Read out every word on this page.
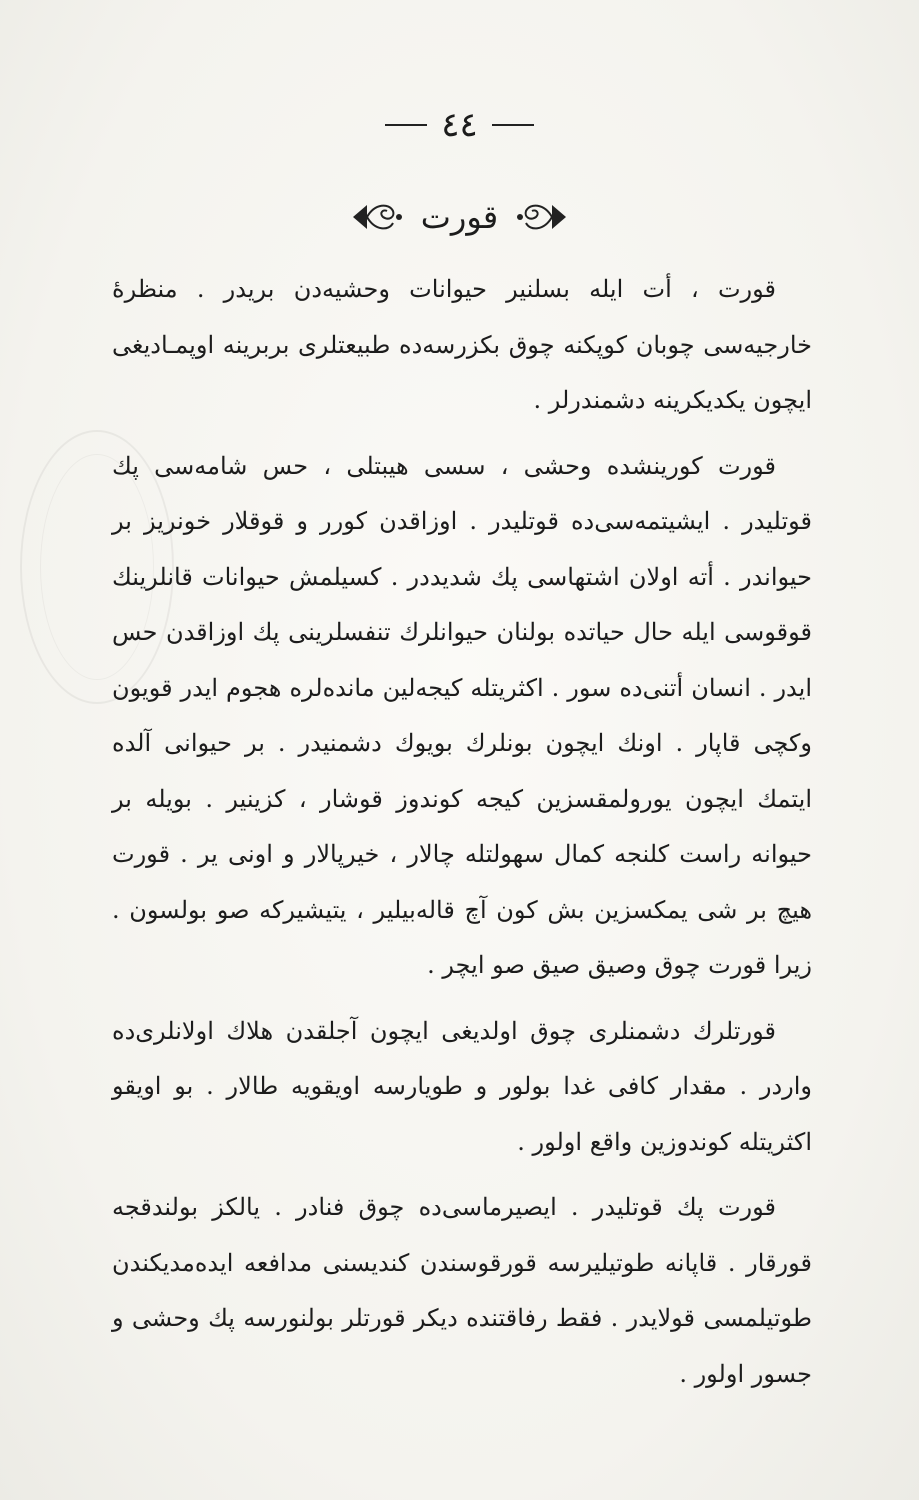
٤٤
قورت

قورت ، أت ايله بسلنير حيوانات وحشيه‌دن بريدر . منظرهٔ خارجيه‌سى چوبان كوپكنه چوق بكزرسه‌ده طبيعتلرى بربرينه اوپمـاديغى ايچون يكديكرينه دشمندرلر .

قورت كورينشده وحشى ، سسى هيبتلى ، حس شامه‌سى پك قوتليدر . ايشيتمه‌سى‌ده قوتليدر . اوزاقدن كورر و قوقلار خونريز بر حيواندر . أته اولان اشتهاسى پك شديددر . كسيلمش حيوانات قانلرينك قوقوسى ايله حال حياتده بولنان حيوانلرك تنفسلرينى پك اوزاقدن حس ايدر . انسان أتنى‌ده سور . اكثريتله كيجه‌لين مانده‌لره هجوم ايدر قويون وكچى قاپار . اونك ايچون بونلرك بويوك دشمنيدر . بر حيوانى آلده ايتمك ايچون يورولمقسزين كيجه كوندوز قوشار ، كزينير . بويله بر حيوانه راست كلنجه كمال سهولتله چالار ، خيرپالار و اونى ير . قورت هيچ بر شى يمكسزين بش كون آچ قاله‌بيلير ، يتيشيركه صو بولسون . زيرا قورت چوق وصيق صيق صو ايچر .

قورتلرك دشمنلرى چوق اولديغى ايچون آجلقدن هلاك اولانلرى‌ده واردر . مقدار كافى غدا بولور و طويارسه اويقويه طالار . بو اويقو اكثريتله كوندوزين واقع اولور .

قورت پك قوتليدر . ايصيرماسى‌ده چوق فنادر . يالكز بولندقجه قورقار . قاپانه طوتيليرسه قورقوسندن كنديسنى مدافعه ايده‌مديكندن طوتيلمسى قولايدر . فقط رفاقتنده ديكر قورتلر بولنورسه پك وحشى و جسور اولور .
